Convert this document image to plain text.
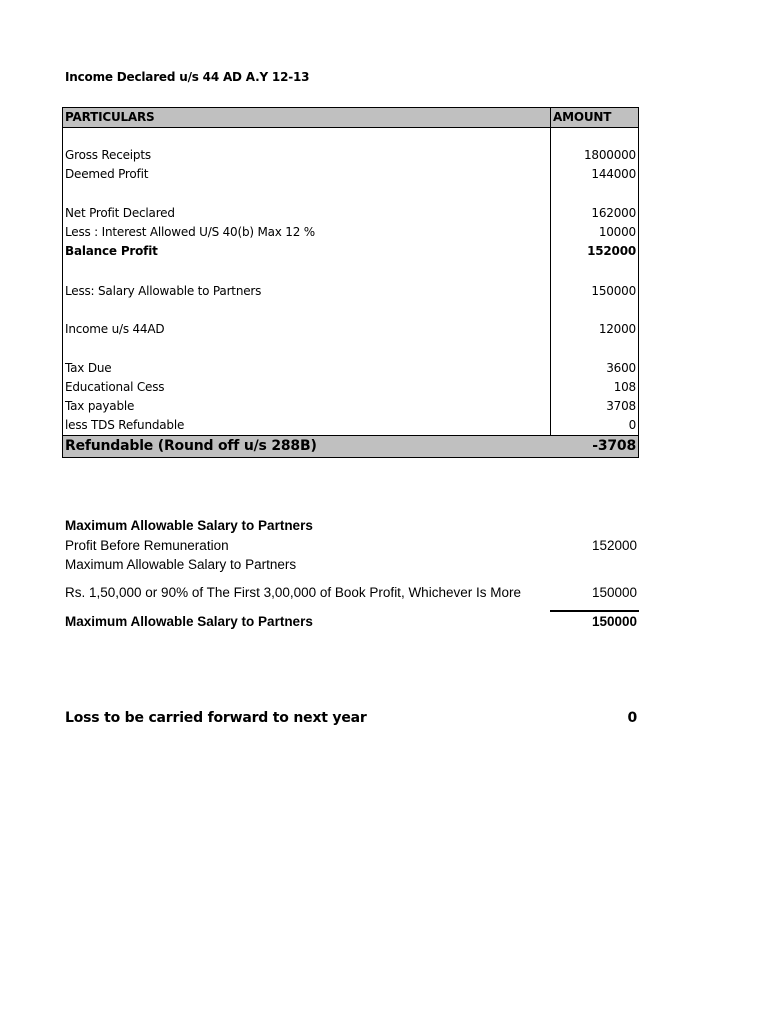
Income Declared u/s 44 AD A.Y 12-13
PARTICULARS	AMOUNT
Gross Receipts	1800000
Deemed Profit	144000
Net Profit Declared	162000
Less : Interest Allowed U/S 40(b) Max 12 %	10000
Balance Profit	152000
Less: Salary Allowable to Partners	150000
Income u/s 44AD	12000
Tax Due	3600
Educational Cess	108
Tax payable	3708
less TDS Refundable	0
Refundable (Round off u/s 288B)	-3708
Maximum Allowable Salary to Partners
Profit Before Remuneration	152000
Maximum Allowable Salary to Partners
Rs. 1,50,000 or 90% of The First 3,00,000 of Book Profit, Whichever Is More	150000
Maximum Allowable Salary to Partners	150000
Loss to be carried forward to next year	0
